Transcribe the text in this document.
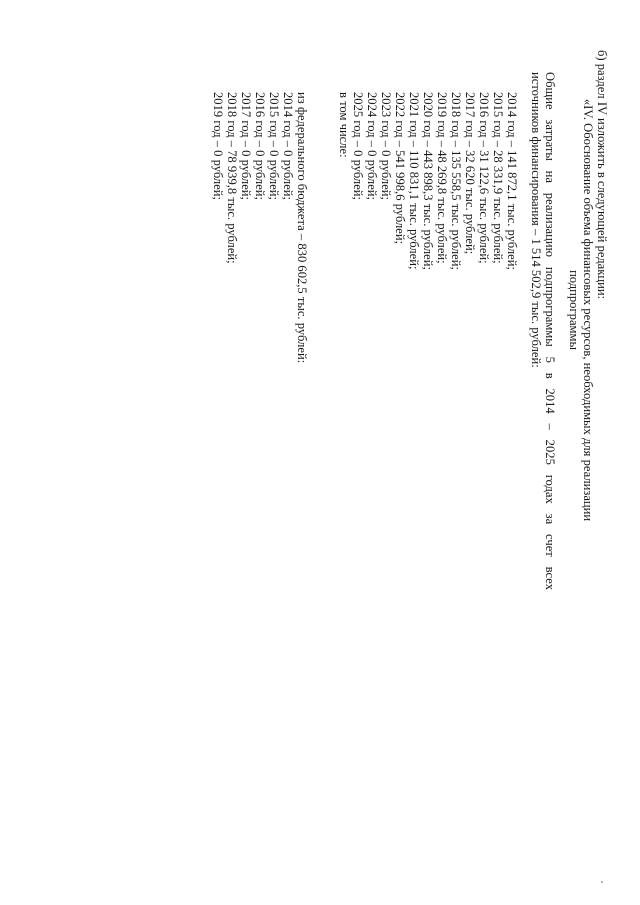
б) раздел IV изложить в следующей редакции:
«IV. Обоснование объема финансовых ресурсов, необходимых для реализации
подпрограммы
Общие затраты на реализацию подпрограммы 5 в 2014 – 2025 годах за счет всех
источников финансирования – 1 514 502,9 тыс. рублей:
2014 год – 141 872,1 тыс. рублей;
2015 год – 28 331,9 тыс. рублей;
2016 год – 31 122,6 тыс. рублей;
2017 год – 32 620 тыс. рублей;
2018 год – 135 558,5 тыс. рублей;
2019 год – 48 269,8 тыс. рублей;
2020 год – 443 898,3 тыс. рублей;
2021 год – 110 831,1 тыс. рублей;
2022 год – 541 998,6 рублей;
2023 год – 0 рублей;
2024 год – 0 рублей;
2025 год – 0 рублей;
в том числе:
из федерального бюджета – 830 602,5 тыс. рублей:
2014 год – 0 рублей;
2015 год – 0 рублей;
2016 год – 0 рублей;
2017 год – 0 рублей;
2018 год – 78 939,8 тыс. рублей;
2019 год – 0 рублей;
